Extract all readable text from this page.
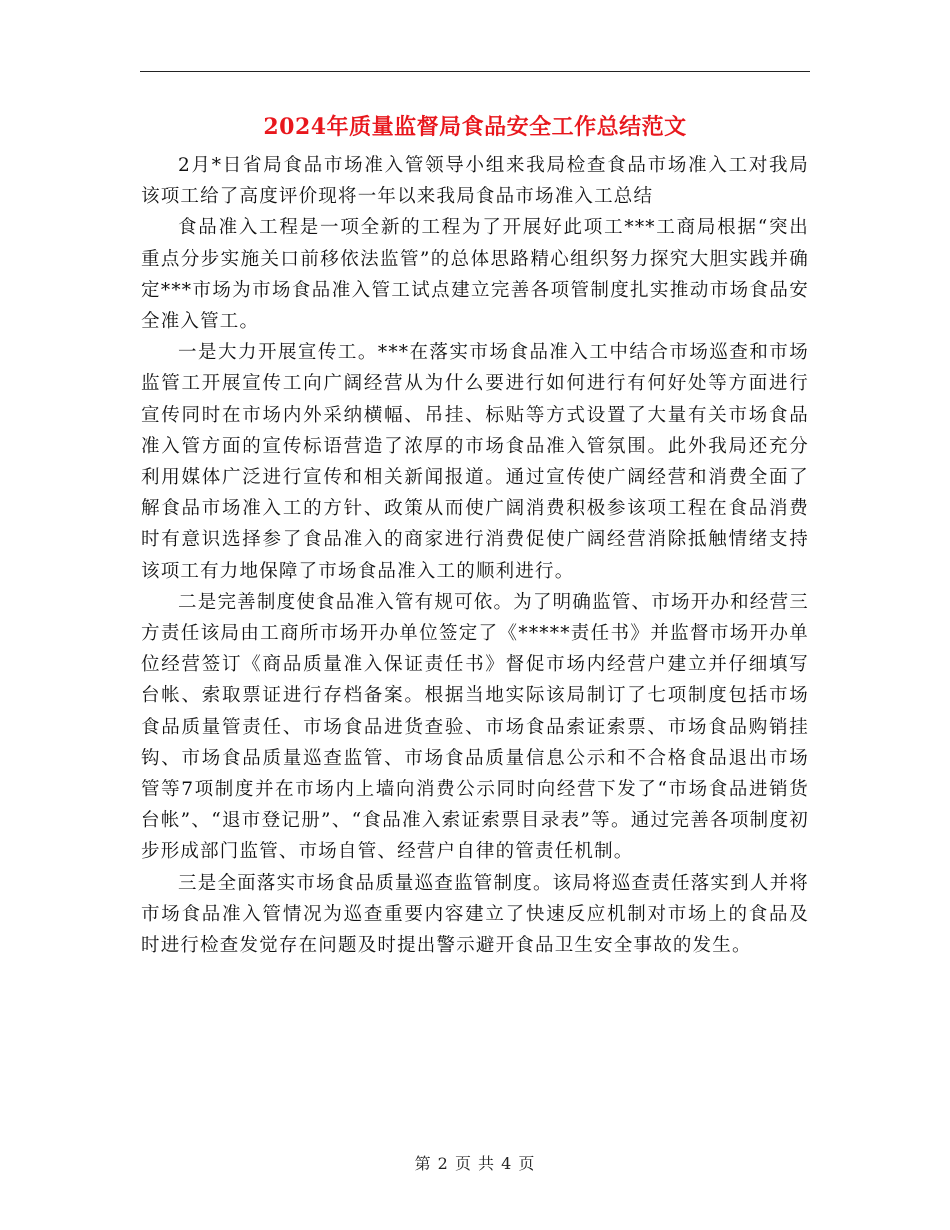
2024年质量监督局食品安全工作总结范文

2月*日省局食品市场准入管领导小组来我局检查食品市场准入工对我局该项工给了高度评价现将一年以来我局食品市场准入工总结

食品准入工程是一项全新的工程为了开展好此项工***工商局根据“突出重点分步实施关口前移依法监管”的总体思路精心组织努力探究大胆实践并确定***市场为市场食品准入管工试点建立完善各项管制度扎实推动市场食品安全准入管工。

一是大力开展宣传工。***在落实市场食品准入工中结合市场巡查和市场监管工开展宣传工向广阔经营从为什么要进行如何进行有何好处等方面进行宣传同时在市场内外采纳横幅、吊挂、标贴等方式设置了大量有关市场食品准入管方面的宣传标语营造了浓厚的市场食品准入管氛围。此外我局还充分利用媒体广泛进行宣传和相关新闻报道。通过宣传使广阔经营和消费全面了解食品市场准入工的方针、政策从而使广阔消费积极参该项工程在食品消费时有意识选择参了食品准入的商家进行消费促使广阔经营消除抵触情绪支持该项工有力地保障了市场食品准入工的顺利进行。

二是完善制度使食品准入管有规可依。为了明确监管、市场开办和经营三方责任该局由工商所市场开办单位签定了《*****责任书》并监督市场开办单位经营签订《商品质量准入保证责任书》督促市场内经营户建立并仔细填写台帐、索取票证进行存档备案。根据当地实际该局制订了七项制度包括市场食品质量管责任、市场食品进货查验、市场食品索证索票、市场食品购销挂钩、市场食品质量巡查监管、市场食品质量信息公示和不合格食品退出市场管等7项制度并在市场内上墙向消费公示同时向经营下发了“市场食品进销货台帐”、“退市登记册”、“食品准入索证索票目录表”等。通过完善各项制度初步形成部门监管、市场自管、经营户自律的管责任机制。

三是全面落实市场食品质量巡查监管制度。该局将巡查责任落实到人并将市场食品准入管情况为巡查重要内容建立了快速反应机制对市场上的食品及时进行检查发觉存在问题及时提出警示避开食品卫生安全事故的发生。

第 2 页 共 4 页
